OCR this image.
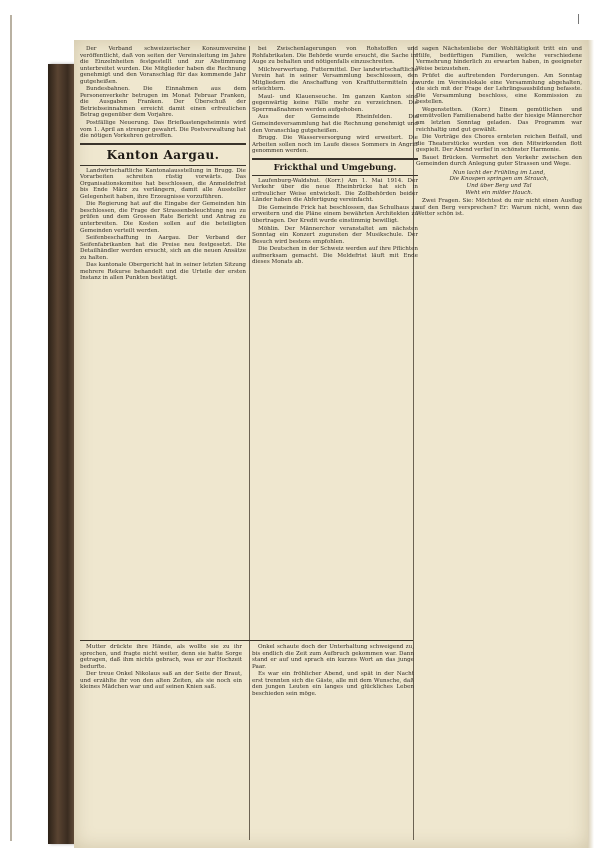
Der Verband schweizerischer Konsumvereine veröffentlicht, daß von seiten der Vereinsleitung im Jahre die Einzelnheiten festgestellt und zur Abstimmung unterbreitet wurden. Die Mitglieder haben die Rechnung genehmigt und den Voranschlag für das kommende Jahr gutgeheißen.

Bundesbahnen. Die Einnahmen aus dem Personenverkehr betrugen im Monat Februar Franken, die Ausgaben Franken. Der Überschuß der Betriebseinnahmen erreicht damit einen erfreulichen Betrag gegenüber dem Vorjahre.

Postfällige Neuerung. Das Briefkastengeheimnis wird vom 1. April an strenger gewahrt. Die Postverwaltung hat die nötigen Vorkehren getroffen.

Kanton Aargau.

Landwirtschaftliche Kantonalausstellung in Brugg. Die Vorarbeiten schreiten rüstig vorwärts. Das Organisationskomitee hat beschlossen, die Anmeldefrist bis Ende März zu verlängern, damit alle Aussteller Gelegenheit haben, ihre Erzeugnisse vorzuführen.

Die Regierung hat auf die Eingabe der Gemeinden hin beschlossen, die Frage der Strassenbeleuchtung neu zu prüfen und dem Grossen Rate Bericht und Antrag zu unterbreiten. Die Kosten sollen auf die beteiligten Gemeinden verteilt werden.

Seifenbeschaffung in Aargau. Der Verband der Seifenfabrikanten hat die Preise neu festgesetzt. Die Detailhändler werden ersucht, sich an die neuen Ansätze zu halten.

Das kantonale Obergericht hat in seiner letzten Sitzung mehrere Rekurse behandelt und die Urteile der ersten Instanz in allen Punkten bestätigt.

bei Zwischenlagerungen von Rohstoffen und Rohfabrikaten. Die Behörde wurde ersucht, die Sache im Auge zu behalten und nötigenfalls einzuschreiten.

Milchverwertung. Futtermittel. Der landwirtschaftliche Verein hat in seiner Versammlung beschlossen, den Mitgliedern die Anschaffung von Kraftfuttermitteln zu erleichtern.

Maul- und Klauenseuche. Im ganzen Kanton sind gegenwärtig keine Fälle mehr zu verzeichnen. Die Sperrmaßnahmen werden aufgehoben.

Aus der Gemeinde Rheinfelden. Die Gemeindeversammlung hat die Rechnung genehmigt und den Voranschlag gutgeheißen.

Brugg. Die Wasserversorgung wird erweitert. Die Arbeiten sollen noch im Laufe dieses Sommers in Angriff genommen werden.

Frickthal und Umgebung.

Laufenburg-Waldshut. (Korr.) Am 1. Mai 1914. Der Verkehr über die neue Rheinbrücke hat sich in erfreulicher Weise entwickelt. Die Zollbehörden beider Länder haben die Abfertigung vereinfacht.

Die Gemeinde Frick hat beschlossen, das Schulhaus zu erweitern und die Pläne einem bewährten Architekten zu übertragen. Der Kredit wurde einstimmig bewilligt.

Möhlin. Der Männerchor veranstaltet am nächsten Sonntag ein Konzert zugunsten der Musikschule. Der Besuch wird bestens empfohlen.

Die Deutschen in der Schweiz werden auf ihre Pflichten aufmerksam gemacht. Die Meldefrist läuft mit Ende dieses Monats ab.

sagen Nächstenliebe der Wohltätigkeit tritt ein und Hilfe, bedürftigen Familien, welche verschiedene Vermehrung hinderlich zu erwarten haben, in geeigneter Weise beizustehen.

Prüfet die auftretenden Forderungen. Am Sonntag wurde im Vereinslokale eine Versammlung abgehalten, die sich mit der Frage der Lehrlingsausbildung befasste. Die Versammlung beschloss, eine Kommission zu bestellen.

Wegenstetten. (Korr.) Einem gemütlichen und gemütvollen Familienabend hatte der hiesige Männerchor am letzten Sonntag geladen. Das Programm war reichhaltig und gut gewählt.

Die Vorträge des Chores ernteten reichen Beifall, und die Theaterstücke wurden von den Mitwirkenden flott gespielt. Der Abend verlief in schönster Harmonie.

Bauet Brücken. Vermehrt den Verkehr zwischen den Gemeinden durch Anlegung guter Strassen und Wege.

Nun lacht der Frühling im Land,
Die Knospen springen am Strauch,
Und über Berg und Tal
Weht ein milder Hauch.

Zwei Fragen. Sie: Möchtest du mir nicht einen Ausflug auf den Berg versprechen? Er: Warum nicht, wenn das Wetter schön ist.

Mutter drückte ihre Hände, als wollte sie zu ihr sprechen, und fragte nicht weiter, denn sie hatte Sorge getragen, daß ihm nichts gebrach, was er zur Hochzeit bedurfte.

Der treue Onkel Nikolaus saß an der Seite der Braut, und erzählte ihr von den alten Zeiten, als sie noch ein kleines Mädchen war und auf seinen Knien saß.

Onkel schaute doch der Unterhaltung schweigend zu, bis endlich die Zeit zum Aufbruch gekommen war. Dann stand er auf und sprach ein kurzes Wort an das junge Paar.

Es war ein fröhlicher Abend, und spät in der Nacht erst trennten sich die Gäste, alle mit dem Wunsche, daß den jungen Leuten ein langes und glückliches Leben beschieden sein möge.
